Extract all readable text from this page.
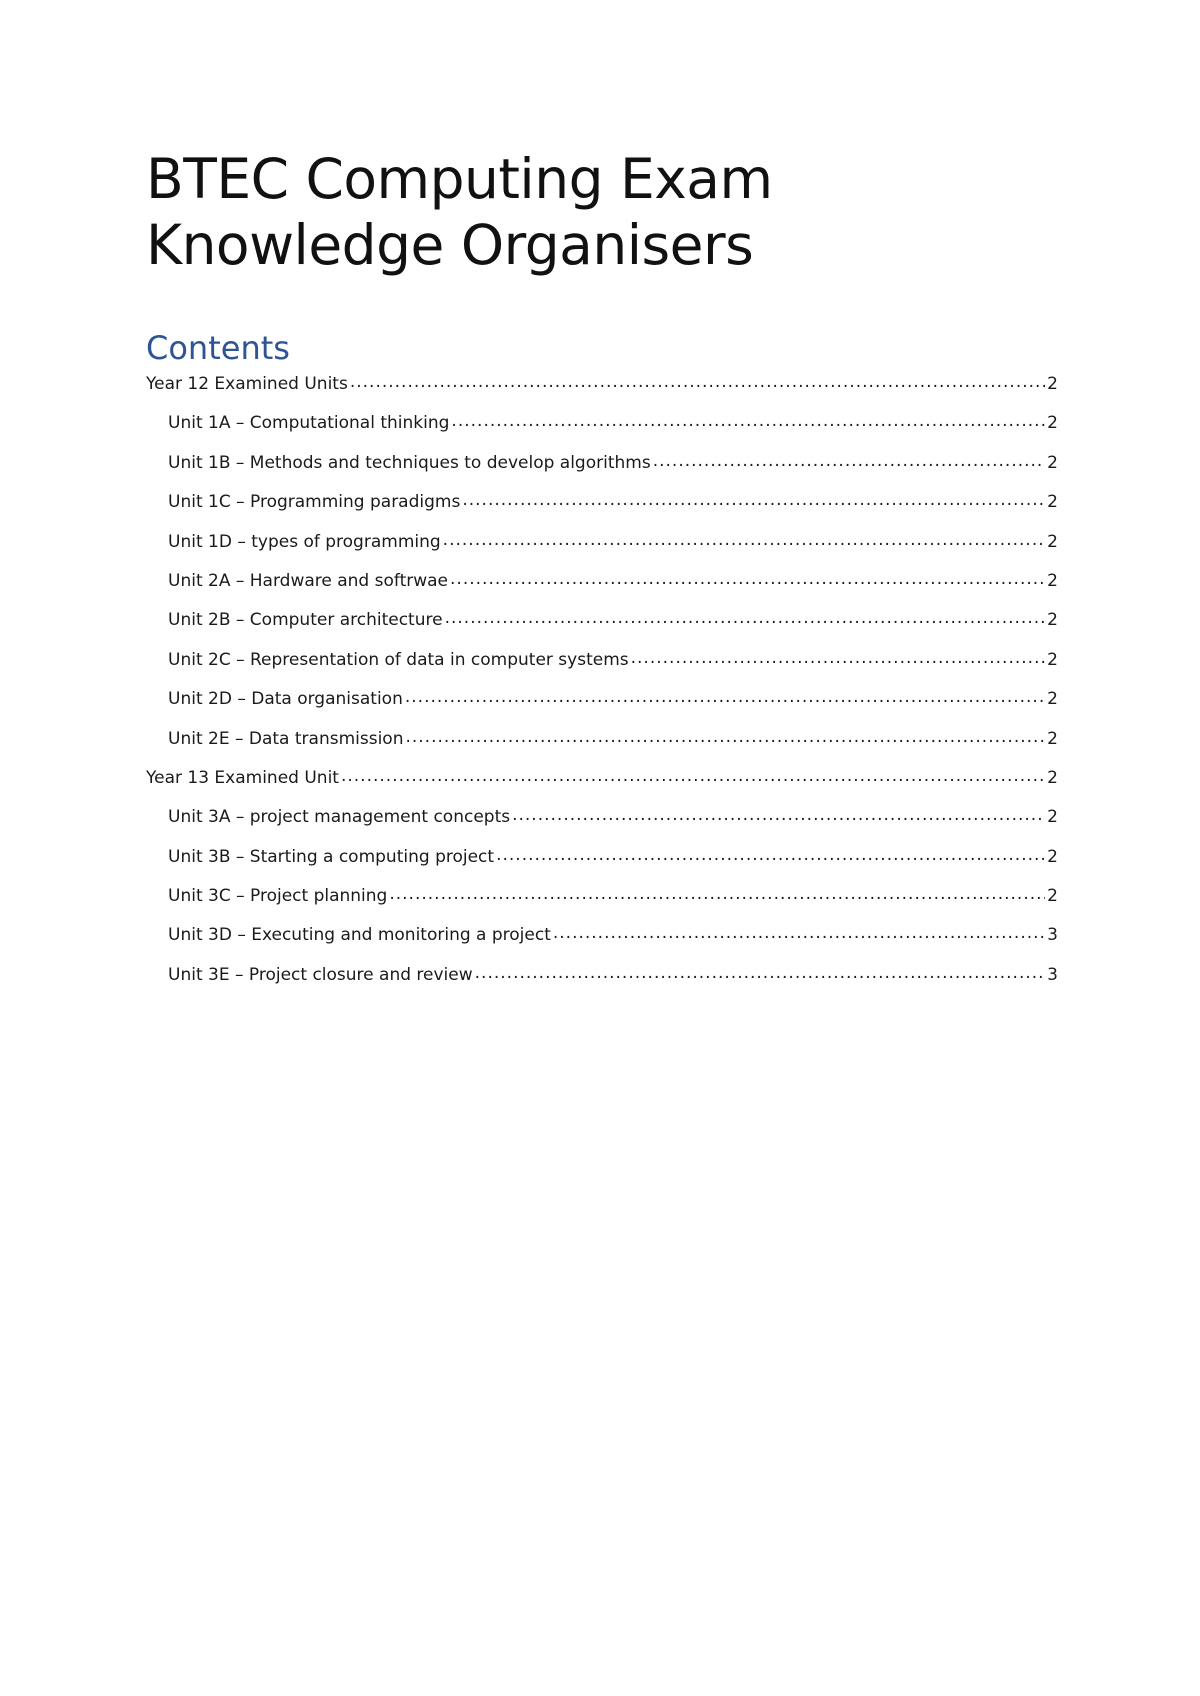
BTEC Computing Exam
Knowledge Organisers
Contents
Year 12 Examined Units .....	2
Unit 1A – Computational thinking .....	2
Unit 1B – Methods and techniques to develop algorithms .....	2
Unit 1C – Programming paradigms .....	2
Unit 1D – types of programming .....	2
Unit 2A – Hardware and softrwae .....	2
Unit 2B – Computer architecture .....	2
Unit 2C – Representation of data in computer systems .....	2
Unit 2D – Data organisation .....	2
Unit 2E – Data transmission .....	2
Year 13 Examined Unit .....	2
Unit 3A – project management concepts .....	2
Unit 3B – Starting a computing project .....	2
Unit 3C – Project planning .....	2
Unit 3D – Executing and monitoring a project .....	3
Unit 3E – Project closure and review .....	3
